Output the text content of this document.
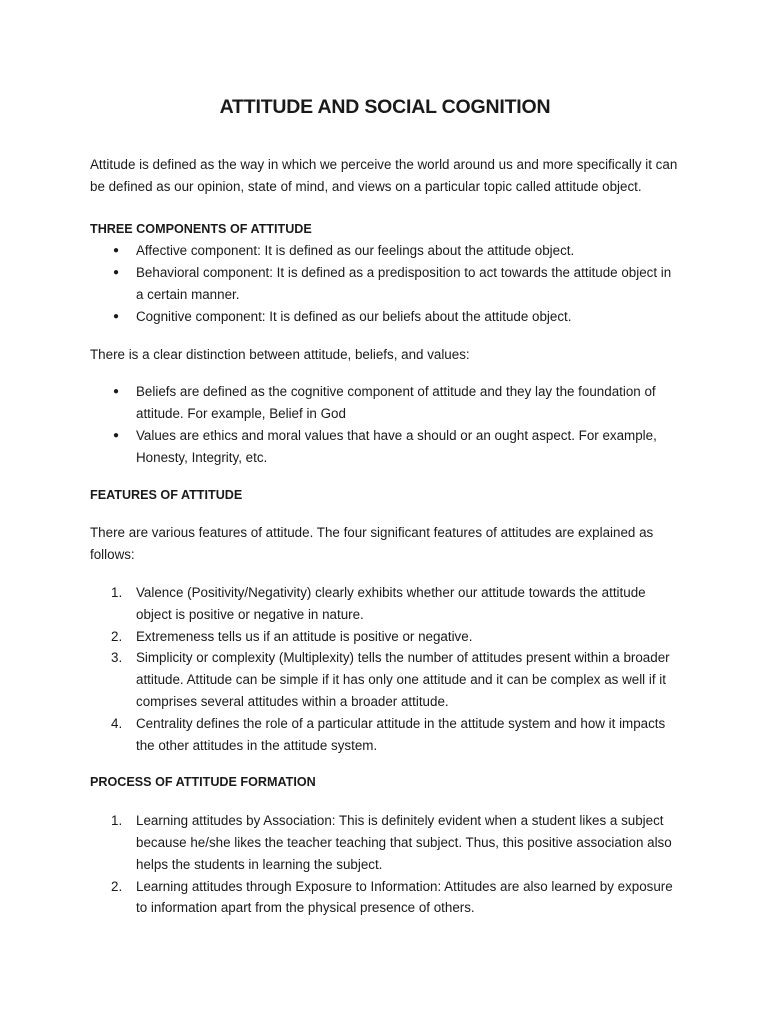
ATTITUDE AND SOCIAL COGNITION

Attitude is defined as the way in which we perceive the world around us and more specifically it can be defined as our opinion, state of mind, and views on a particular topic called attitude object.

THREE COMPONENTS OF ATTITUDE

● Affective component: It is defined as our feelings about the attitude object.
● Behavioral component: It is defined as a predisposition to act towards the attitude object in a certain manner.
● Cognitive component: It is defined as our beliefs about the attitude object.

There is a clear distinction between attitude, beliefs, and values:

● Beliefs are defined as the cognitive component of attitude and they lay the foundation of attitude. For example, Belief in God
● Values are ethics and moral values that have a should or an ought aspect. For example, Honesty, Integrity, etc.

FEATURES OF ATTITUDE

There are various features of attitude. The four significant features of attitudes are explained as follows:

1. Valence (Positivity/Negativity) clearly exhibits whether our attitude towards the attitude object is positive or negative in nature.
2. Extremeness tells us if an attitude is positive or negative.
3. Simplicity or complexity (Multiplexity) tells the number of attitudes present within a broader attitude. Attitude can be simple if it has only one attitude and it can be complex as well if it comprises several attitudes within a broader attitude.
4. Centrality defines the role of a particular attitude in the attitude system and how it impacts the other attitudes in the attitude system.

PROCESS OF ATTITUDE FORMATION

1. Learning attitudes by Association: This is definitely evident when a student likes a subject because he/she likes the teacher teaching that subject. Thus, this positive association also helps the students in learning the subject.
2. Learning attitudes through Exposure to Information: Attitudes are also learned by exposure to information apart from the physical presence of others.
